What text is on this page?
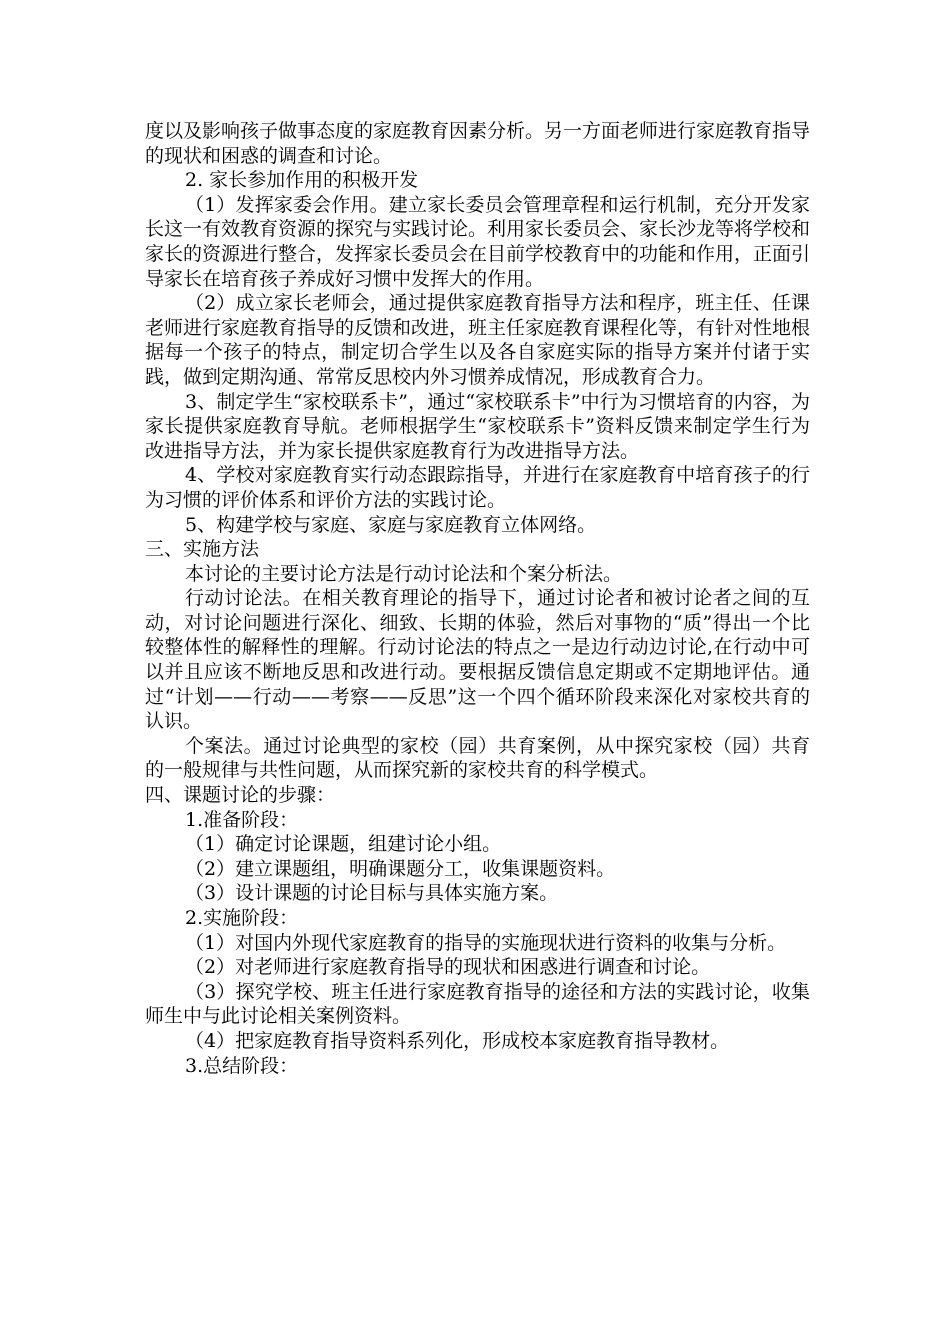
度以及影响孩子做事态度的家庭教育因素分析。另一方面老师进行家庭教育指导的现状和困惑的调查和讨论。

2. 家长参加作用的积极开发

（1）发挥家委会作用。建立家长委员会管理章程和运行机制，充分开发家长这一有效教育资源的探究与实践讨论。利用家长委员会、家长沙龙等将学校和家长的资源进行整合，发挥家长委员会在目前学校教育中的功能和作用，正面引导家长在培育孩子养成好习惯中发挥大的作用。

（2）成立家长老师会，通过提供家庭教育指导方法和程序，班主任、任课老师进行家庭教育指导的反馈和改进，班主任家庭教育课程化等，有针对性地根据每一个孩子的特点，制定切合学生以及各自家庭实际的指导方案并付诸于实践，做到定期沟通、常常反思校内外习惯养成情况，形成教育合力。

3、制定学生“家校联系卡”，通过“家校联系卡”中行为习惯培育的内容，为家长提供家庭教育导航。老师根据学生“家校联系卡”资料反馈来制定学生行为改进指导方法，并为家长提供家庭教育行为改进指导方法。

4、学校对家庭教育实行动态跟踪指导，并进行在家庭教育中培育孩子的行为习惯的评价体系和评价方法的实践讨论。

5、构建学校与家庭、家庭与家庭教育立体网络。

三、实施方法

本讨论的主要讨论方法是行动讨论法和个案分析法。

行动讨论法。在相关教育理论的指导下，通过讨论者和被讨论者之间的互动，对讨论问题进行深化、细致、长期的体验，然后对事物的“质”得出一个比较整体性的解释性的理解。行动讨论法的特点之一是边行动边讨论,在行动中可以并且应该不断地反思和改进行动。要根据反馈信息定期或不定期地评估。通过“计划——行动——考察——反思”这一个四个循环阶段来深化对家校共育的认识。

个案法。通过讨论典型的家校（园）共育案例，从中探究家校（园）共育的一般规律与共性问题，从而探究新的家校共育的科学模式。

四、课题讨论的步骤：

1.准备阶段：

（1）确定讨论课题，组建讨论小组。

（2）建立课题组，明确课题分工，收集课题资料。

（3）设计课题的讨论目标与具体实施方案。

2.实施阶段：

（1）对国内外现代家庭教育的指导的实施现状进行资料的收集与分析。

（2）对老师进行家庭教育指导的现状和困惑进行调查和讨论。

（3）探究学校、班主任进行家庭教育指导的途径和方法的实践讨论，收集师生中与此讨论相关案例资料。

（4）把家庭教育指导资料系列化，形成校本家庭教育指导教材。

3.总结阶段：
